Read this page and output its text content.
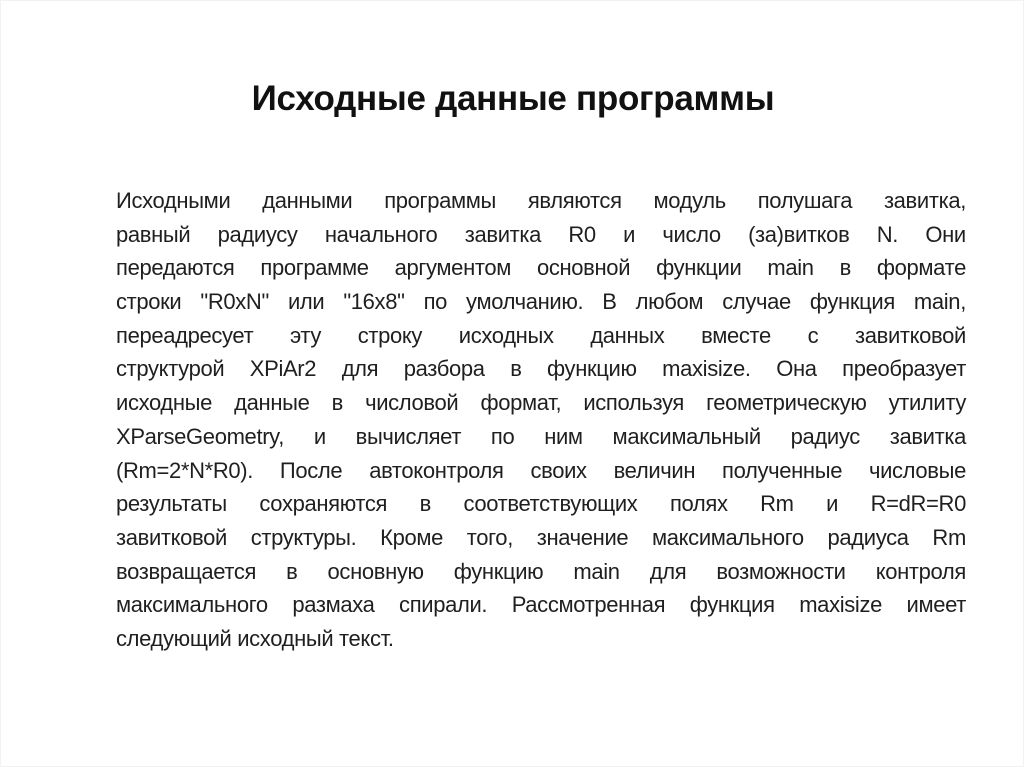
Исходные данные программы
Исходными данными программы являются модуль полушага завитка,
равный радиусу начального завитка R0 и число (за)витков N. Они
передаются программе аргументом основной функции main в формате
строки "R0xN" или "16x8" по умолчанию. В любом случае функция main,
переадресует эту строку исходных данных вместе с завитковой
структурой XPiAr2 для разбора в функцию maxisize. Она преобразует
исходные данные в числовой формат, используя геометрическую утилиту
XParseGeometry, и вычисляет по ним максимальный радиус завитка
(Rm=2*N*R0). После автоконтроля своих величин полученные числовые
результаты сохраняются в соответствующих полях Rm и R=dR=R0
завитковой структуры. Кроме того, значение максимального радиуса Rm
возвращается в основную функцию main для возможности контроля
максимального размаха спирали. Рассмотренная функция maxisize имеет
следующий исходный текст.
